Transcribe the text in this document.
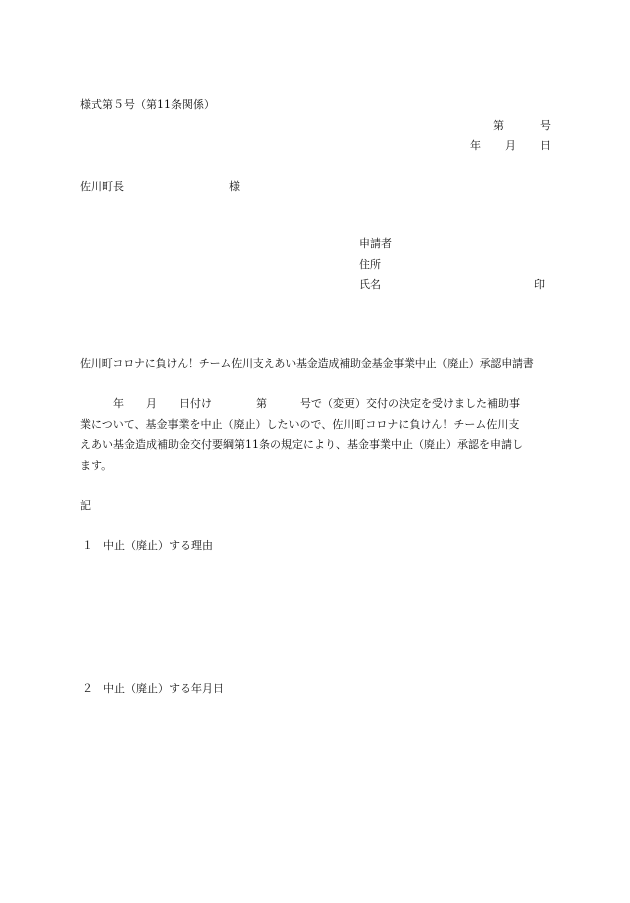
様式第５号（第11条関係）
第	号
年 月 日
佐川町長	様
申請者
住所
氏名	印
佐川町コロナに負けん！チーム佐川支えあい基金造成補助金基金事業中止（廃止）承認申請書
　　　年　　月　　日付け　　　　第　　　号で（変更）交付の決定を受けました補助事
業について、基金事業を中止（廃止）したいので、佐川町コロナに負けん！チーム佐川支
えあい基金造成補助金交付要綱第11条の規定により、基金事業中止（廃止）承認を申請し
ます。
記
１ 中止（廃止）する理由
２ 中止（廃止）する年月日
